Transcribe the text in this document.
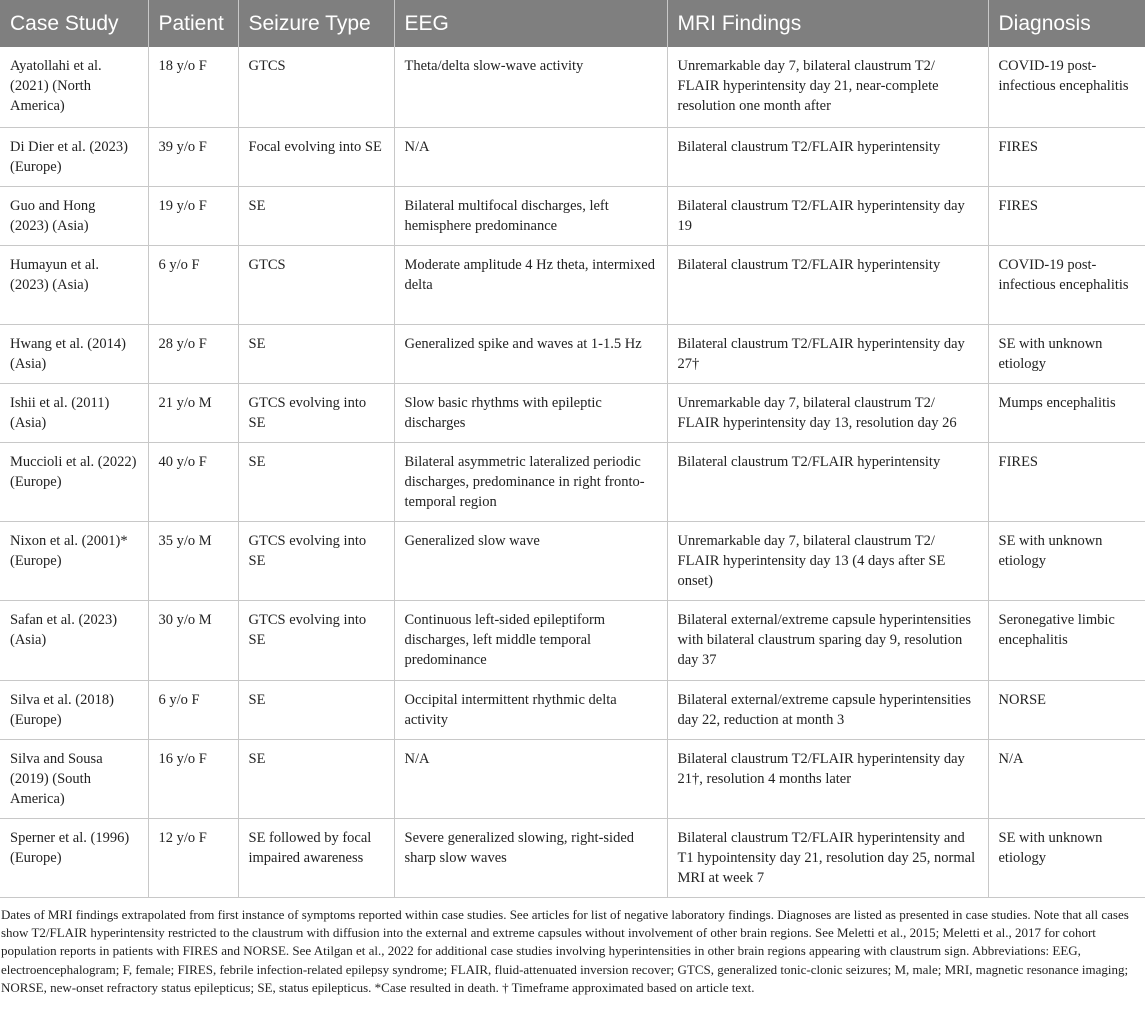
Case Study	Patient	Seizure Type	EEG	MRI Findings	Diagnosis
Ayatollahi et al. (2021) (North America)	18 y/o F	GTCS	Theta/delta slow-wave activity	Unremarkable day 7, bilateral claustrum T2/ FLAIR hyperintensity day 21, near-complete resolution one month after	COVID-19 post-infectious encephalitis
Di Dier et al. (2023) (Europe)	39 y/o F	Focal evolving into SE	N/A	Bilateral claustrum T2/FLAIR hyperintensity	FIRES
Guo and Hong (2023) (Asia)	19 y/o F	SE	Bilateral multifocal discharges, left hemisphere predominance	Bilateral claustrum T2/FLAIR hyperintensity day 19	FIRES
Humayun et al. (2023) (Asia)	6 y/o F	GTCS	Moderate amplitude 4 Hz theta, intermixed delta	Bilateral claustrum T2/FLAIR hyperintensity	COVID-19 post-infectious encephalitis
Hwang et al. (2014) (Asia)	28 y/o F	SE	Generalized spike and waves at 1-1.5 Hz	Bilateral claustrum T2/FLAIR hyperintensity day 27†	SE with unknown etiology
Ishii et al. (2011) (Asia)	21 y/o M	GTCS evolving into SE	Slow basic rhythms with epileptic discharges	Unremarkable day 7, bilateral claustrum T2/ FLAIR hyperintensity day 13, resolution day 26	Mumps encephalitis
Muccioli et al. (2022) (Europe)	40 y/o F	SE	Bilateral asymmetric lateralized periodic discharges, predominance in right fronto-temporal region	Bilateral claustrum T2/FLAIR hyperintensity	FIRES
Nixon et al. (2001)* (Europe)	35 y/o M	GTCS evolving into SE	Generalized slow wave	Unremarkable day 7, bilateral claustrum T2/ FLAIR hyperintensity day 13 (4 days after SE onset)	SE with unknown etiology
Safan et al. (2023) (Asia)	30 y/o M	GTCS evolving into SE	Continuous left-sided epileptiform discharges, left middle temporal predominance	Bilateral external/extreme capsule hyperintensities with bilateral claustrum sparing day 9, resolution day 37	Seronegative limbic encephalitis
Silva et al. (2018) (Europe)	6 y/o F	SE	Occipital intermittent rhythmic delta activity	Bilateral external/extreme capsule hyperintensities day 22, reduction at month 3	NORSE
Silva and Sousa (2019) (South America)	16 y/o F	SE	N/A	Bilateral claustrum T2/FLAIR hyperintensity day 21†, resolution 4 months later	N/A
Sperner et al. (1996) (Europe)	12 y/o F	SE followed by focal impaired awareness	Severe generalized slowing, right-sided sharp slow waves	Bilateral claustrum T2/FLAIR hyperintensity and T1 hypointensity day 21, resolution day 25, normal MRI at week 7	SE with unknown etiology

Dates of MRI findings extrapolated from first instance of symptoms reported within case studies. See articles for list of negative laboratory findings. Diagnoses are listed as presented in case studies. Note that all cases show T2/FLAIR hyperintensity restricted to the claustrum with diffusion into the external and extreme capsules without involvement of other brain regions. See Meletti et al., 2015; Meletti et al., 2017 for cohort population reports in patients with FIRES and NORSE. See Atilgan et al., 2022 for additional case studies involving hyperintensities in other brain regions appearing with claustrum sign. Abbreviations: EEG, electroencephalogram; F, female; FIRES, febrile infection-related epilepsy syndrome; FLAIR, fluid-attenuated inversion recover; GTCS, generalized tonic-clonic seizures; M, male; MRI, magnetic resonance imaging; NORSE, new-onset refractory status epilepticus; SE, status epilepticus. *Case resulted in death. † Timeframe approximated based on article text.
